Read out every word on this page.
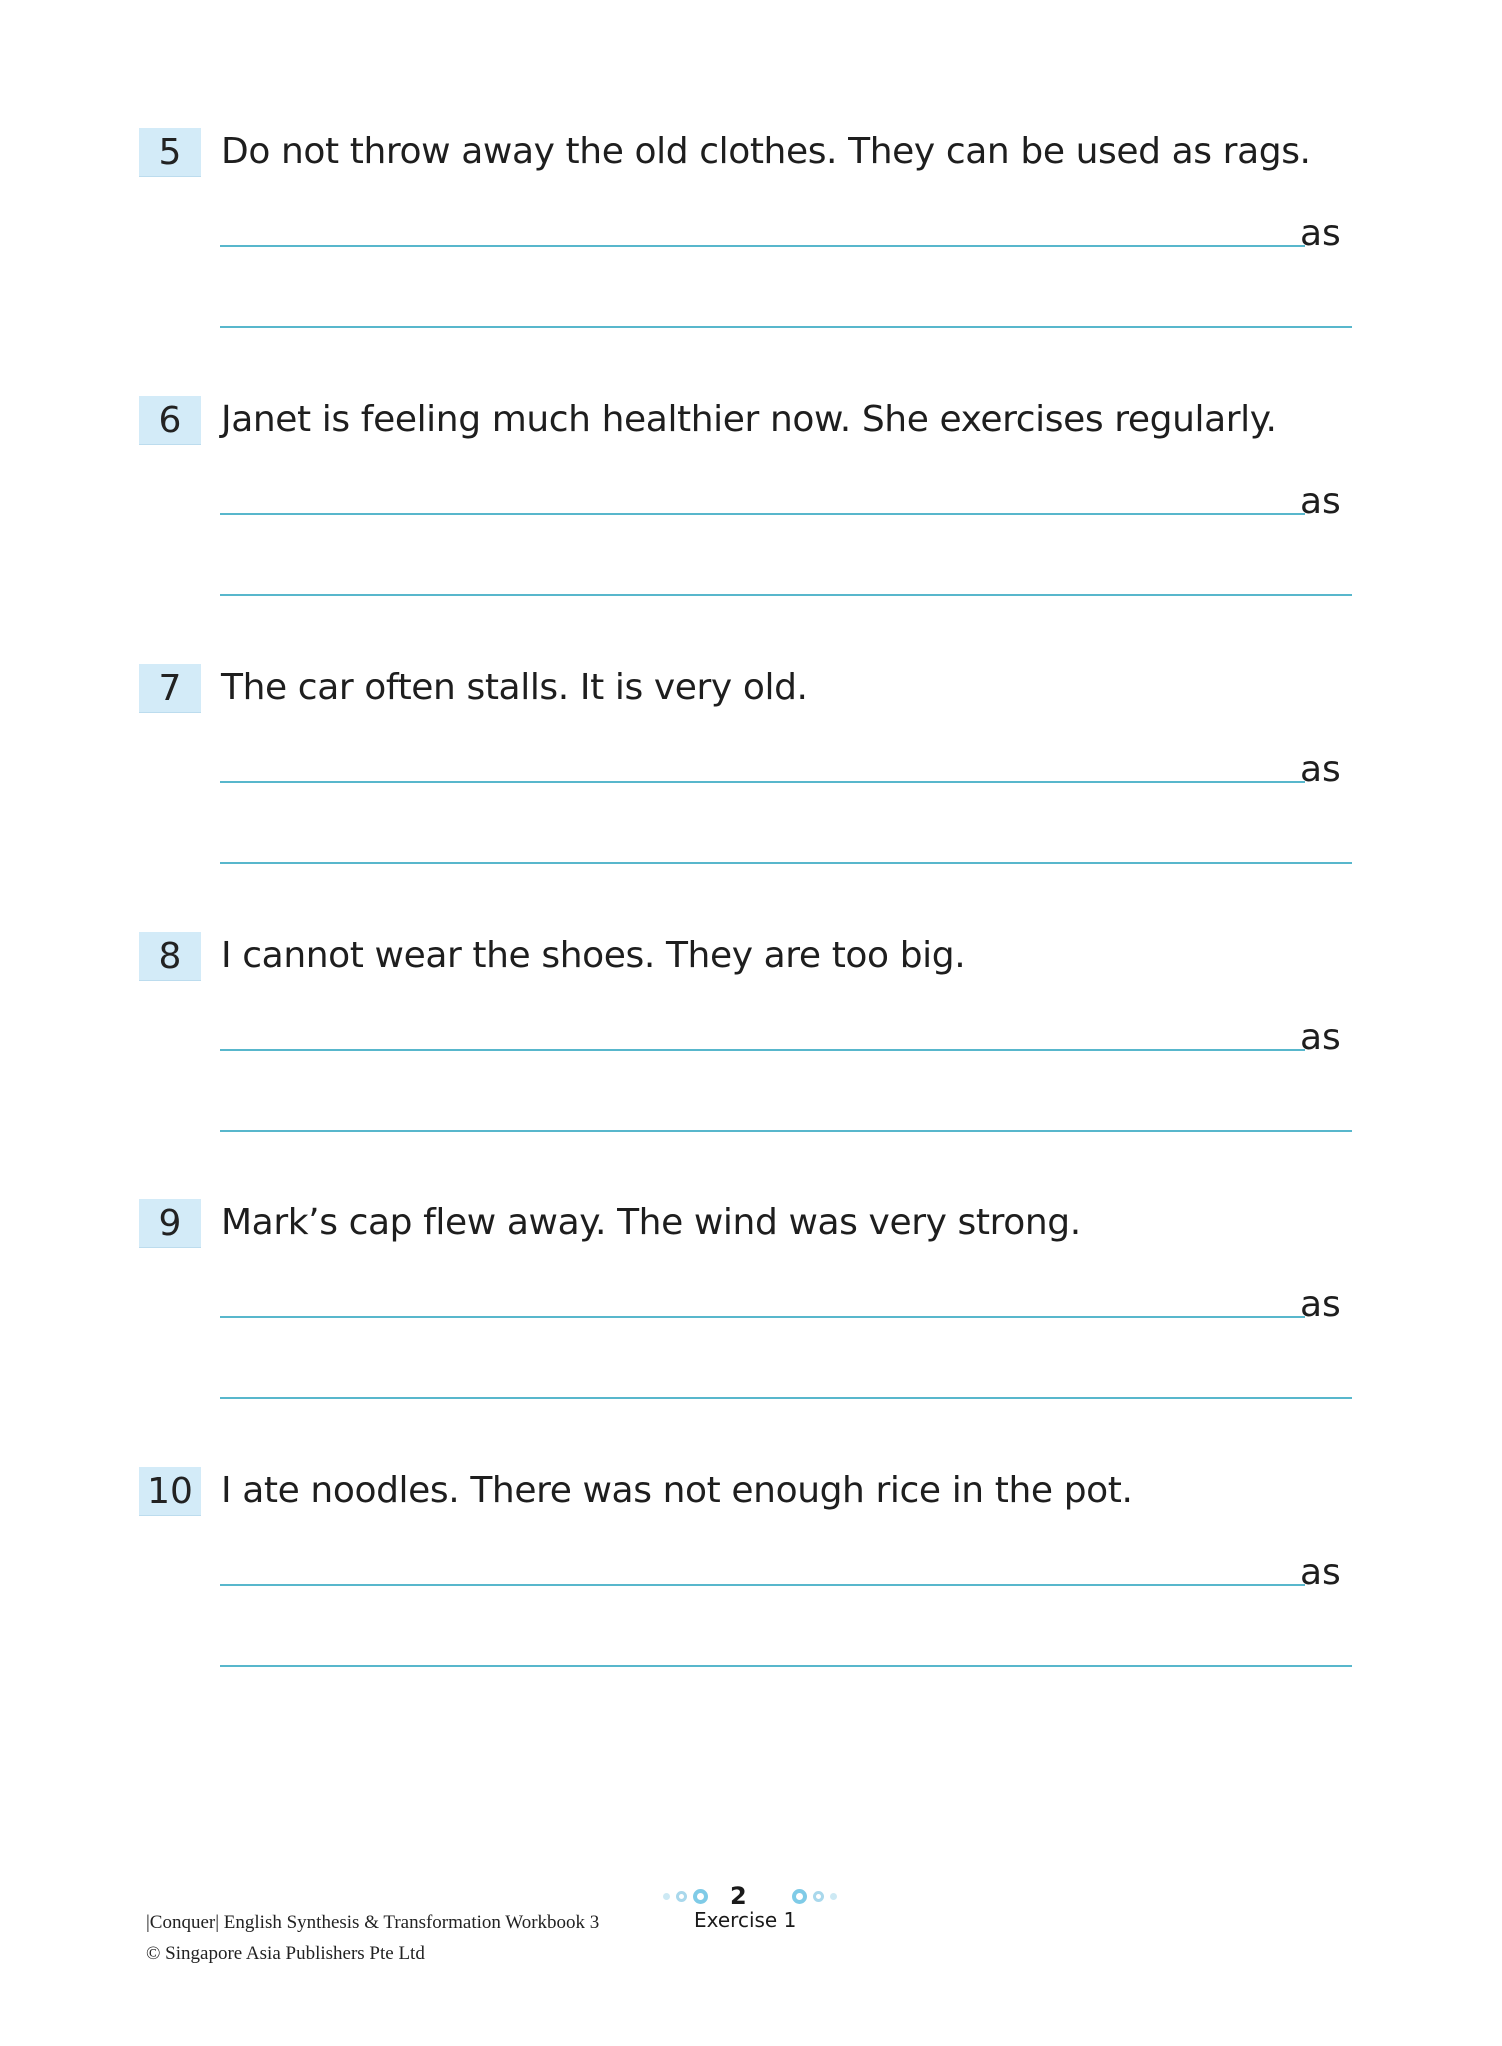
5	Do not throw away the old clothes. They can be used as rags.
as
6	Janet is feeling much healthier now. She exercises regularly.
as
7	The car often stalls. It is very old.
as
8	I cannot wear the shoes. They are too big.
as
9	Mark’s cap flew away. The wind was very strong.
as
10 I ate noodles. There was not enough rice in the pot.
as
2
Exercise 1
|Conquer| English Synthesis & Transformation Workbook 3
© Singapore Asia Publishers Pte Ltd
